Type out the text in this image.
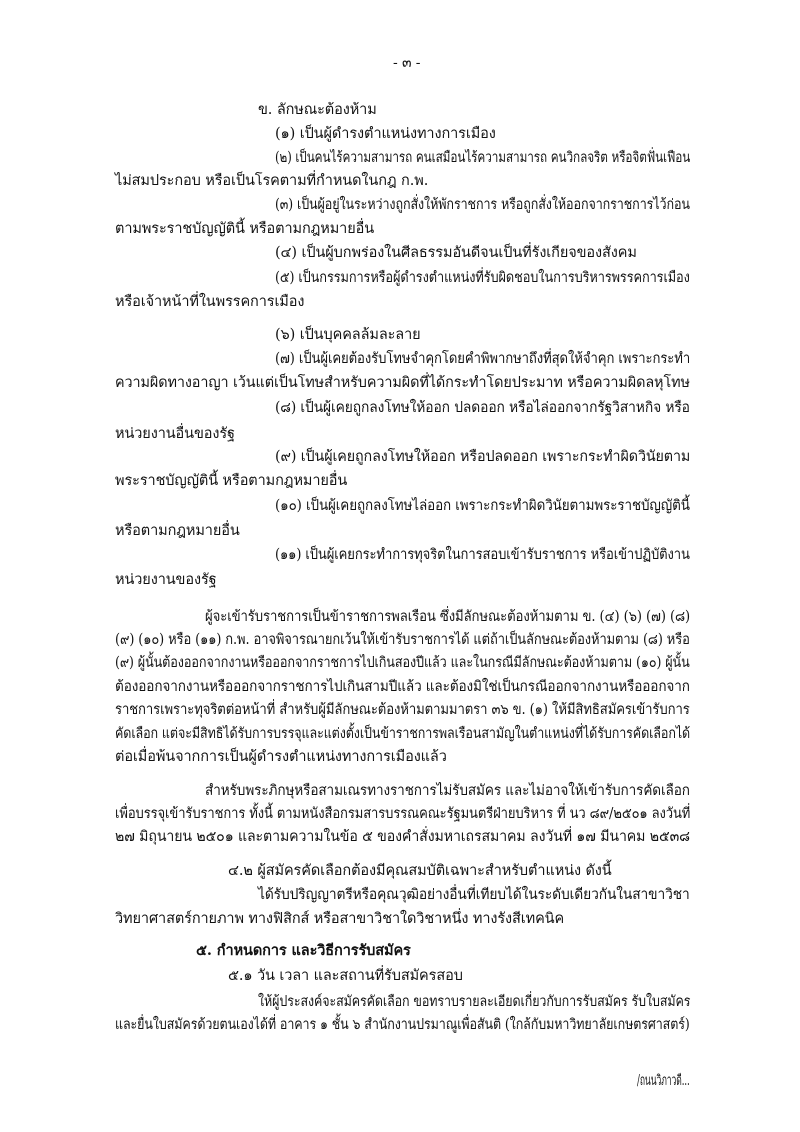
- ๓ -
ข. ลักษณะต้องห้าม
(๑) เป็นผู้ดำรงตำแหน่งทางการเมือง
(๒) เป็นคนไร้ความสามารถ คนเสมือนไร้ความสามารถ คนวิกลจริต หรือจิตฟั่นเฟือน
ไม่สมประกอบ หรือเป็นโรคตามที่กำหนดในกฎ ก.พ.
(๓) เป็นผู้อยู่ในระหว่างถูกสั่งให้พักราชการ หรือถูกสั่งให้ออกจากราชการไว้ก่อน
ตามพระราชบัญญัตินี้ หรือตามกฎหมายอื่น
(๔) เป็นผู้บกพร่องในศีลธรรมอันดีจนเป็นที่รังเกียจของสังคม
(๕) เป็นกรรมการหรือผู้ดำรงตำแหน่งที่รับผิดชอบในการบริหารพรรคการเมือง
หรือเจ้าหน้าที่ในพรรคการเมือง
(๖) เป็นบุคคลล้มละลาย
(๗) เป็นผู้เคยต้องรับโทษจำคุกโดยคำพิพากษาถึงที่สุดให้จำคุก เพราะกระทำ
ความผิดทางอาญา เว้นแต่เป็นโทษสำหรับความผิดที่ได้กระทำโดยประมาท หรือความผิดลหุโทษ
(๘) เป็นผู้เคยถูกลงโทษให้ออก ปลดออก หรือไล่ออกจากรัฐวิสาหกิจ หรือ
หน่วยงานอื่นของรัฐ
(๙) เป็นผู้เคยถูกลงโทษให้ออก หรือปลดออก เพราะกระทำผิดวินัยตาม
พระราชบัญญัตินี้ หรือตามกฎหมายอื่น
(๑๐) เป็นผู้เคยถูกลงโทษไล่ออก เพราะกระทำผิดวินัยตามพระราชบัญญัตินี้
หรือตามกฎหมายอื่น
(๑๑) เป็นผู้เคยกระทำการทุจริตในการสอบเข้ารับราชการ หรือเข้าปฏิบัติงาน
หน่วยงานของรัฐ
ผู้จะเข้ารับราชการเป็นข้าราชการพลเรือน ซึ่งมีลักษณะต้องห้ามตาม ข. (๔) (๖) (๗) (๘)
(๙) (๑๐) หรือ (๑๑) ก.พ. อาจพิจารณายกเว้นให้เข้ารับราชการได้ แต่ถ้าเป็นลักษณะต้องห้ามตาม (๘) หรือ
(๙) ผู้นั้นต้องออกจากงานหรือออกจากราชการไปเกินสองปีแล้ว และในกรณีมีลักษณะต้องห้ามตาม (๑๐) ผู้นั้น
ต้องออกจากงานหรือออกจากราชการไปเกินสามปีแล้ว และต้องมิใช่เป็นกรณีออกจากงานหรือออกจาก
ราชการเพราะทุจริตต่อหน้าที่ สำหรับผู้มีลักษณะต้องห้ามตามมาตรา ๓๖ ข. (๑) ให้มีสิทธิสมัครเข้ารับการ
คัดเลือก แต่จะมีสิทธิได้รับการบรรจุและแต่งตั้งเป็นข้าราชการพลเรือนสามัญในตำแหน่งที่ได้รับการคัดเลือกได้
ต่อเมื่อพ้นจากการเป็นผู้ดำรงตำแหน่งทางการเมืองแล้ว
สำหรับพระภิกษุหรือสามเณรทางราชการไม่รับสมัคร และไม่อาจให้เข้ารับการคัดเลือก
เพื่อบรรจุเข้ารับราชการ ทั้งนี้ ตามหนังสือกรมสารบรรณคณะรัฐมนตรีฝ่ายบริหาร ที่ นว ๘๙/๒๕๐๑ ลงวันที่
๒๗ มิถุนายน ๒๕๐๑ และตามความในข้อ ๕ ของคำสั่งมหาเถรสมาคม ลงวันที่ ๑๗ มีนาคม ๒๕๓๘
๔.๒ ผู้สมัครคัดเลือกต้องมีคุณสมบัติเฉพาะสำหรับตำแหน่ง ดังนี้
ได้รับปริญญาตรีหรือคุณวุฒิอย่างอื่นที่เทียบได้ในระดับเดียวกันในสาขาวิชา
วิทยาศาสตร์กายภาพ ทางฟิสิกส์ หรือสาขาวิชาใดวิชาหนึ่ง ทางรังสีเทคนิค
๕. กำหนดการ และวิธีการรับสมัคร
๕.๑ วัน เวลา และสถานที่รับสมัครสอบ
ให้ผู้ประสงค์จะสมัครคัดเลือก ขอทราบรายละเอียดเกี่ยวกับการรับสมัคร รับใบสมัคร
และยื่นใบสมัครด้วยตนเองได้ที่ อาคาร ๑ ชั้น ๖ สำนักงานปรมาณูเพื่อสันติ (ใกล้กับมหาวิทยาลัยเกษตรศาสตร์)
/ถนนวิภาวดี...
